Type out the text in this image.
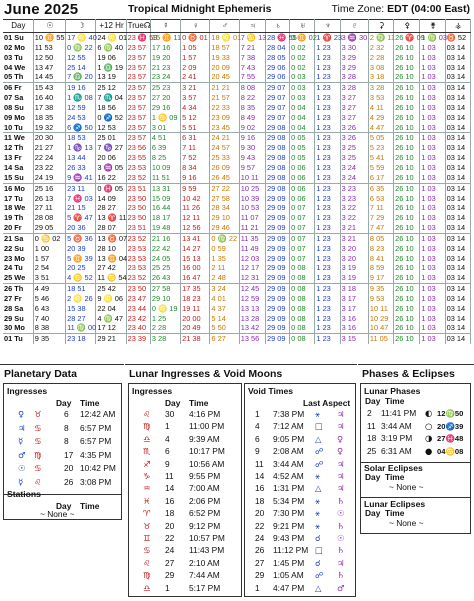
June 2025	Tropical Midnight Ephemeris	Time Zone: EDT (04:00 East)
Day	☉	☽	+12 Hr	True☊	☿	♀	♂	♃	♄	♅	♆	♇	⚳	⚴	⚵	⚶
01 Su	10 ♊ 55	17 ♌ 40	24 ♌ 01	23 ♓ 59	15 ♊ 11	0 ♉ 01	18 ♌ 01	7 ♋ 13	28 ♓ 55	0 ♊ 02	1 ♈ 23	3 ♒ 30	2 ♍ 11	26 ♈ 09	1 ♍ 03	♉ 52
02 Mo	11 53	0 ♍ 22	6 ♍ 40	23 57	17 16	1 05	18 57	7 21	28 04	0 02	1 23	3 30	2 32	26 10	1 03	03 14
03 Tu	12 50	12 55	19 06	23 57	19 20	1 57	19 33	7 38	28 05	0 02	1 23	3 29	2 28	26 10	1 03	03 14
04 We	13 47	25 14	1 ♎ 19	23 57	21 23	2 09	20 09	7 43	29 06	0 02	1 23	3 29	3 08	26 10	1 03	03 14
05 Th	14 45	7 ♎ 20	13 19	23 57	23 24	2 41	20 45	7 55	29 06	0 03	1 23	3 28	3 18	26 10	1 03	03 14
06 Fr	15 43	19 16	25 12	23 57	25 23	3 21	21 21	8 08	29 07	0 03	1 23	3 28	3 28	26 10	1 03	03 14
07 Sa	16 40	1 ♏ 08	7 ♏ 04	23 57	27 20	3 57	21 57	8 22	29 07	0 03	1 23	3 27	3 53	26 10	1 03	03 14
08 Su	17 38	12 59	18 56	23 57	29 16	4 34	22 33	8 35	29 07	0 04	1 23	3 27	4 11	26 10	1 03	03 14
09 Mo	18 35	24 53	0 ♐ 52	23 57	1 ♋ 09	5 12	23 09	8 49	29 07	0 04	1 23	3 27	4 29	26 10	1 03	03 14
10 Tu	19 32	6 ♐ 50	12 53	23 57	3 01	5 51	23 45	9 02	29 08	0 04	1 23	3 26	4 47	26 10	1 03	03 14
11 We	20 30	18 53	25 01	23 57	4 51	6 31	24 21	9 16	29 08	0 05	1 23	3 26	5 05	26 10	1 03	03 14
12 Th	21 27	1 ♑ 13	7 ♑ 27	23 56	6 39	7 11	24 57	9 30	29 08	0 05	1 23	3 25	5 23	26 10	1 03	03 14
13 Fr	22 24	13 44	20 06	23 55	8 25	7 52	25 33	9 43	29 08	0 05	1 23	3 25	5 41	26 10	1 03	03 14
14 Sa	23 22	26 33	3 ♒ 05	23 53	10 09	8 34	26 09	9 57	29 08	0 06	1 23	3 24	5 59	26 10	1 03	03 14
15 Su	24 19	9 ♒ 41	16 22	23 52	11 51	9 16	26 45	10 11	29 08	0 06	1 23	3 24	6 17	26 10	1 03	03 14
16 Mo	25 16	23 11	0 ♓ 05	23 51	13 31	9 59	27 22	10 25	29 08	0 06	1 23	3 23	6 35	26 10	1 03	03 14
17 Tu	26 13	7 ♓ 03	14 09	23 50	15 09	10 42	27 58	10 39	29 09	0 06	1 23	3 23	6 53	26 10	1 03	03 14
18 We	27 11	21 15	28 27	23 50	16 44	11 26	28 34	10 53	29 09	0 07	1 23	3 22	7 11	26 10	1 03	03 14
19 Th	28 08	5 ♈ 47	13 ♈ 11	23 50	18 17	12 11	29 10	11 07	29 09	0 07	1 23	3 22	7 29	26 10	1 03	03 14
20 Fr	29 05	20 36	28 07	23 51	19 48	12 56	29 46	11 21	29 09	0 07	1 23	3 21	7 47	26 10	1 03	03 14
21 Sa	0 ♋ 02	5 ♉ 36	13 ♉ 07	23 52	21 16	13 41	0 ♍ 22	11 35	29 09	0 07	1 23	3 21	8 05	26 10	1 03	03 14
22 Su	1 00	20 39	28 10	23 53	22 42	14 27	0 59	11 49	29 09	0 07	1 23	3 20	8 23	26 10	1 03	03 14
23 Mo	1 57	5 ♊ 39	13 ♊ 04	23 53	24 05	15 13	1 35	12 03	29 09	0 07	1 23	3 20	8 41	26 10	1 03	03 14
24 Tu	2 54	20 25	27 42	23 53	25 25	16 00	2 11	12 17	29 09	0 08	1 23	3 19	8 59	26 10	1 03	03 14
25 We	3 51	4 ♋ 52	11 ♋ 54	23 52	26 43	16 47	2 48	12 31	29 09	0 08	1 23	3 19	9 17	26 10	1 03	03 14
26 Th	4 49	18 51	25 42	23 50	27 58	17 35	3 24	12 45	29 09	0 08	1 23	3 18	9 35	26 10	1 03	03 14
27 Fr	5 46	2 ♌ 26	9 ♌ 06	23 47	29 10	18 23	4 01	12 59	29 09	0 08	1 23	3 17	9 53	26 10	1 03	03 14
28 Sa	6 43	15 38	22 04	23 44	0 ♌ 19	19 11	4 37	13 13	29 09	0 08	1 23	3 17	10 11	26 10	1 03	03 14
29 Su	7 40	28 27	4 ♍ 47	23 42	1 25	20 00	5 14	13 28	29 09	0 08	1 23	3 16	10 29	26 10	1 03	03 14
30 Mo	8 38	11 ♍ 00	17 12	23 40	2 28	20 49	5 50	13 42	29 09	0 08	1 23	3 16	10 47	26 10	1 03	03 14
01 Tu	9 35	23 18	29 21	23 39	3 28	21 38	6 27	13 56	29 09	0 08	1 23	3 15	11 05	26 10	1 03	03 14
Planetary Data
Ingresses
Day Time
♀ ♉	6 12:42 AM
♃ ♋	8 6:57 PM
☿ ♋	8 6:57 PM
♂ ♍	17 4:35 PM
☉ ♋	20 10:42 PM
☿ ♌	26 3:08 PM
Stations
Day Time
~ None ~
Lunar Ingresses & Void Moons
Ingresses
Day Time
♌ 30 4:16 PM
♍ 1 11:00 PM
♎ 4 9:39 AM
♏ 6 10:17 PM
♐ 9 10:56 AM
♑ 11 9:55 PM
♒ 14 7:00 AM
♓ 16 2:06 PM
♈ 18 6:52 PM
♉ 20 9:12 PM
♊ 22 10:57 PM
♋ 24 11:43 PM
♌ 27 2:10 AM
♍ 29 7:44 AM
♎ 1 5:17 PM
Void Times
Last Aspect
1 7:38 PM ⚹ ♃
4 7:12 AM □ ♃
6 9:05 PM △ ♀
9 2:08 AM ☍ ♀
11 3:44 AM ☍ ♃
14 4:52 AM ⚹ ♃
16 1:31 PM △ ♃
18 5:34 PM ⚹ ♄
20 7:30 PM ⚹ ☉
22 9:21 PM ⚹ ♄
24 9:43 PM ☌ ☉
26 11:12 PM □ ♄
27 1:45 PM ☌ ♃
29 1:05 AM ☍ ♄
1 4:47 PM △ ♂
Phases & Eclipses
Lunar Phases
Day Time
2 11:41 PM ◐ 12♍50
11 3:44 AM ○ 20♐39
18 3:19 PM ◑ 27♓48
25 6:31 AM ● 04♋08
Solar Eclipses
Day Time
~ None ~
Lunar Eclipses
Day Time
~ None ~
